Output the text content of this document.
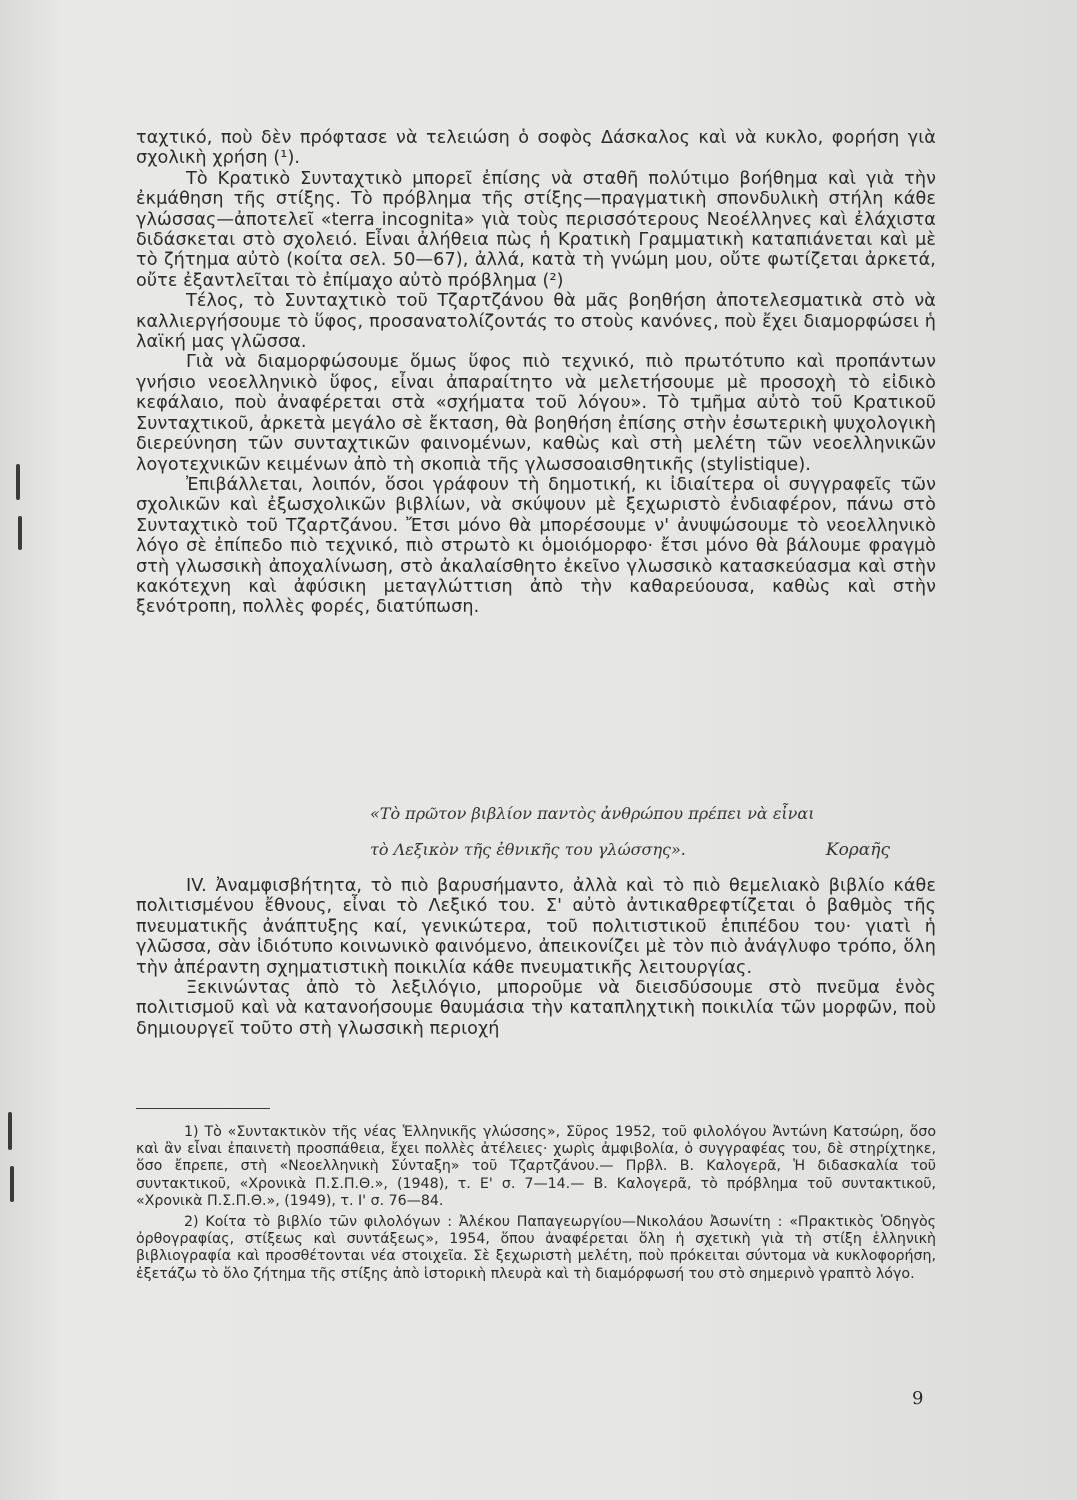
ταχτικό, ποὺ δὲν πρόφτασε νὰ τελειώση ὁ σοφὸς Δάσκαλος καὶ νὰ κυκλο, φορήση γιὰ σχολικὴ χρήση (¹).

Τὸ Κρατικὸ Συνταχτικὸ μπορεῖ ἐπίσης νὰ σταθῆ πολύτιμο βοήθημα καὶ γιὰ τὴν ἐκμάθηση τῆς στίξης. Τὸ πρόβλημα τῆς στίξης—πραγματικὴ σπονδυλικὴ στήλη κάθε γλώσσας—ἀποτελεῖ «terra incognita» γιὰ τοὺς περισσότερους Νεοέλληνες καὶ ἐλάχιστα διδάσκεται στὸ σχολειό. Εἶναι ἀλήθεια πὼς ἡ Κρατικὴ Γραμματικὴ καταπιάνεται καὶ μὲ τὸ ζήτημα αὐτὸ (κοίτα σελ. 50—67), ἀλλά, κατὰ τὴ γνώμη μου, οὔτε φωτίζεται ἀρκετά, οὔτε ἐξαντλεῖται τὸ ἐπίμαχο αὐτὸ πρόβλημα (²)

Τέλος, τὸ Συνταχτικὸ τοῦ Τζαρτζάνου θὰ μᾶς βοηθήση ἀποτελεσματικὰ στὸ νὰ καλλιεργήσουμε τὸ ὕφος, προσανατολίζοντάς το στοὺς κανόνες, ποὺ ἔχει διαμορφώσει ἡ λαϊκή μας γλῶσσα.

Γιὰ νὰ διαμορφώσουμε ὅμως ὕφος πιὸ τεχνικό, πιὸ πρωτότυπο καὶ προπάντων γνήσιο νεοελληνικὸ ὕφος, εἶναι ἀπαραίτητο νὰ μελετήσουμε μὲ προσοχὴ τὸ εἰδικὸ κεφάλαιο, ποὺ ἀναφέρεται στὰ «σχήματα τοῦ λόγου». Τὸ τμῆμα αὐτὸ τοῦ Κρατικοῦ Συνταχτικοῦ, ἀρκετὰ μεγάλο σὲ ἔκταση, θὰ βοηθήση ἐπίσης στὴν ἐσωτερικὴ ψυχολογικὴ διερεύνηση τῶν συνταχτικῶν φαινομένων, καθὼς καὶ στὴ μελέτη τῶν νεοελληνικῶν λογοτεχνικῶν κειμένων ἀπὸ τὴ σκοπιὰ τῆς γλωσσοαισθητικῆς (stylistique).

Ἐπιβάλλεται, λοιπόν, ὅσοι γράφουν τὴ δημοτική, κι ἰδιαίτερα οἱ συγγραφεῖς τῶν σχολικῶν καὶ ἐξωσχολικῶν βιβλίων, νὰ σκύψουν μὲ ξεχωριστὸ ἐνδιαφέρον, πάνω στὸ Συνταχτικὸ τοῦ Τζαρτζάνου. Ἔτσι μόνο θὰ μπορέσουμε ν' ἀνυψώσουμε τὸ νεοελληνικὸ λόγο σὲ ἐπίπεδο πιὸ τεχνικό, πιὸ στρωτὸ κι ὁμοιόμορφο· ἔτσι μόνο θὰ βάλουμε φραγμὸ στὴ γλωσσικὴ ἀποχαλίνωση, στὸ ἀκαλαίσθητο ἐκεῖνο γλωσσικὸ κατασκεύασμα καὶ στὴν κακότεχνη καὶ ἀφύσικη μεταγλώττιση ἀπὸ τὴν καθαρεύουσα, καθὼς καὶ στὴν ξενότροπη, πολλὲς φορές, διατύπωση.

«Τὸ πρῶτον βιβλίον παντὸς ἀνθρώπου πρέπει νὰ εἶναι
τὸ Λεξικὸν τῆς ἐθνικῆς του γλώσσης».	Κοραῆς

IV. Ἀναμφισβήτητα, τὸ πιὸ βαρυσήμαντο, ἀλλὰ καὶ τὸ πιὸ θεμελιακὸ βιβλίο κάθε πολιτισμένου ἔθνους, εἶναι τὸ Λεξικό του. Σ' αὐτὸ ἀντικαθρεφτίζεται ὁ βαθμὸς τῆς πνευματικῆς ἀνάπτυξης καί, γενικώτερα, τοῦ πολιτιστικοῦ ἐπιπέδου του· γιατὶ ἡ γλῶσσα, σὰν ἰδιότυπο κοινωνικὸ φαινόμενο, ἀπεικονίζει μὲ τὸν πιὸ ἀνάγλυφο τρόπο, ὅλη τὴν ἀπέραντη σχηματιστικὴ ποικιλία κάθε πνευματικῆς λειτουργίας.

Ξεκινώντας ἀπὸ τὸ λεξιλόγιο, μποροῦμε νὰ διεισδύσουμε στὸ πνεῦμα ἑνὸς πολιτισμοῦ καὶ νὰ κατανοήσουμε θαυμάσια τὴν καταπληχτικὴ ποικιλία τῶν μορφῶν, ποὺ δημιουργεῖ τοῦτο στὴ γλωσσικὴ περιοχή

1) Τὸ «Συντακτικὸν τῆς νέας Ἑλληνικῆς γλώσσης», Σῦρος 1952, τοῦ φιλολόγου Ἀντώνη Κατσώρη, ὅσο καὶ ἂν εἶναι ἐπαινετὴ προσπάθεια, ἔχει πολλὲς ἀτέλειες· χωρὶς ἀμφιβολία, ὁ συγγραφέας του, δὲ στηρίχτηκε, ὅσο ἔπρεπε, στὴ «Νεοελληνικὴ Σύνταξη» τοῦ Τζαρτζάνου.— Πρβλ. Β. Καλογερᾶ, Ἡ διδασκαλία τοῦ συντακτικοῦ, «Χρονικὰ Π.Σ.Π.Θ.», (1948), τ. Ε' σ. 7—14.— Β. Καλογερᾶ, τὸ πρόβλημα τοῦ συντακτικοῦ, «Χρονικὰ Π.Σ.Π.Θ.», (1949), τ. Ι' σ. 76—84.

2) Κοίτα τὸ βιβλίο τῶν φιλολόγων : Ἀλέκου Παπαγεωργίου—Νικολάου Ἀσωνίτη : «Πρακτικὸς Ὁδηγὸς ὀρθογραφίας, στίξεως καὶ συντάξεως», 1954, ὅπου ἀναφέρεται ὅλη ἡ σχετικὴ γιὰ τὴ στίξη ἑλληνικὴ βιβλιογραφία καὶ προσθέτονται νέα στοιχεῖα. Σὲ ξεχωριστὴ μελέτη, ποὺ πρόκειται σύντομα νὰ κυκλοφορήση, ἐξετάζω τὸ ὅλο ζήτημα τῆς στίξης ἀπὸ ἱστορικὴ πλευρὰ καὶ τὴ διαμόρφωσή του στὸ σημερινὸ γραπτὸ λόγο.

9
